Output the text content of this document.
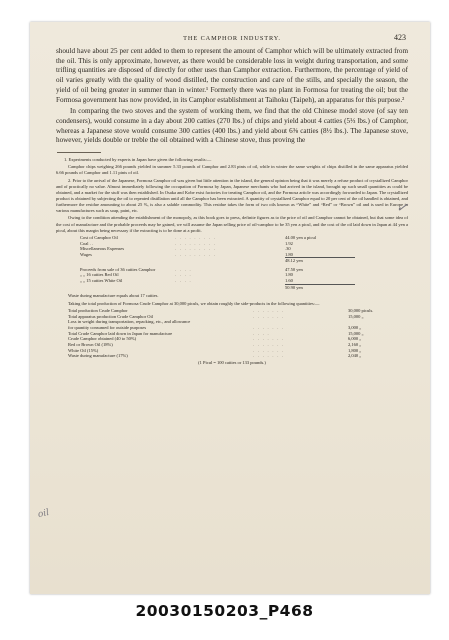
THE CAMPHOR INDUSTRY.	423

should have about 25 per cent added to them to represent the amount of Camphor which will be ultimately extracted from the oil. This is only approximate, however, as there would be considerable loss in weight during transportation, and some trifling quantities are disposed of directly for other uses than Camphor extraction. Furthermore, the percentage of yield of oil varies greatly with the quality of wood distilled, the construction and care of the stills, and specially the season, the yield of oil being greater in summer than in winter.¹ Formerly there was no plant in Formosa for treating the oil; but the Formosa government has now provided, in its Camphor establishment at Taihoku (Taipeh), an apparatus for this purpose.²

In comparing the two stoves and the system of working them, we find that the old Chinese model stove (of say ten condensers), would consume in a day about 200 catties (270 lbs.) of chips and yield about 4 catties (5⅓ lbs.) of Camphor, whereas a Japanese stove would consume 300 catties (400 lbs.) and yield about 6⅜ catties (8½ lbs.). The Japanese stove, however, yields double or treble the oil obtained with a Chinese stove, thus proving the

1. Experiments conducted by experts in Japan have given the following results:—

Camphor chips weighing 266 pounds yielded in summer 5.33 pounds of Camphor and 2.83 pints of oil, while in winter the same weights of chips distilled in the same apparatus yielded 6.66 pounds of Camphor and 1.11 pints of oil.

2. Prior to the arrival of the Japanese, Formosa Camphor oil was given but little attention in the island, the general opinion being that it was merely a refuse product of crystallized Camphor and of practically no value. Almost immediately following the occupation of Formosa by Japan, Japanese merchants who had arrived in the island, brought up such small quantities as could be obtained, and a market for the stuff was then established. In Osaka and Kobe exist factories for treating Camphor oil, and the Formosa article was accordingly forwarded to Japan. The crystallized product is obtained by subjecting the oil to repeated distillation until all the Camphor has been extracted. A quantity of crystallized Camphor equal to 20 per cent of the oil handled is obtained, and furthermore the residue amounting to about 25 %, is also a salable commodity. This residue takes the form of two oils known as “White” and “Red” or “Brown” oil and is used in Europe in various manufactures such as soap, paint, etc.

Owing to the condition attending the establishment of the monopoly, as this book goes to press, definite figures as to the price of oil and Camphor cannot be obtained, but that some idea of the cost of manufacture and the probable proceeds may be gained, we will assume the Japan selling price of oil-camphor to be 35 yen a picul, and the cost of the oil laid down in Japan at 44 yen a picul, about this margin being necessary if the extracting is to be done at a profit.

Cost of Camphor Oil	. . . . . . . . .	44.00 yen a picul
Coal . .	. . . . . . . . .	1.92
Miscellaneous Expenses	. . . . . . . . .	.30
Wages	. . . . . . . . .	1.80
		48.12 yen

Proceeds from sale of 36 catties Camphor	. . . .	47.50 yen
„ „ 16 catties Red Oil	. . . .	1.80
„ „ 15 catties White Oil	. . . .	1.60
		50.90 yen

Waste during manufacture equals about 17 catties.

Taking the total production of Formosa Crude Camphor at 30,000 piculs, we obtain roughly the side-products in the following quantities:—

Total production Crude Camphor	. . . . . . .	30,000 piculs.
Total apparatus production Crude Camphor Oil	. . . . . . .	15,000 „
Loss in weight during transportation, repacking, etc., and allowance		
for quantity consumed for outside purposes	. . . . . . .	3,000 „
Total Crude Camphor laid down in Japan for manufacture	. . . .	15,000 „
Crude Camphor obtained (40 to 50%)	. . . . . . .	6,000 „
Red or Brown Oil (18%)	. . . . . . .	2,160 „
White Oil (15%)	. . . . . . .	1,800 „
Waste during manufacture (17%)	. . . . . . .	2,040 „
(1 Picul = 100 catties or 133 pounds.)
oil
✓
20030150203_P468
